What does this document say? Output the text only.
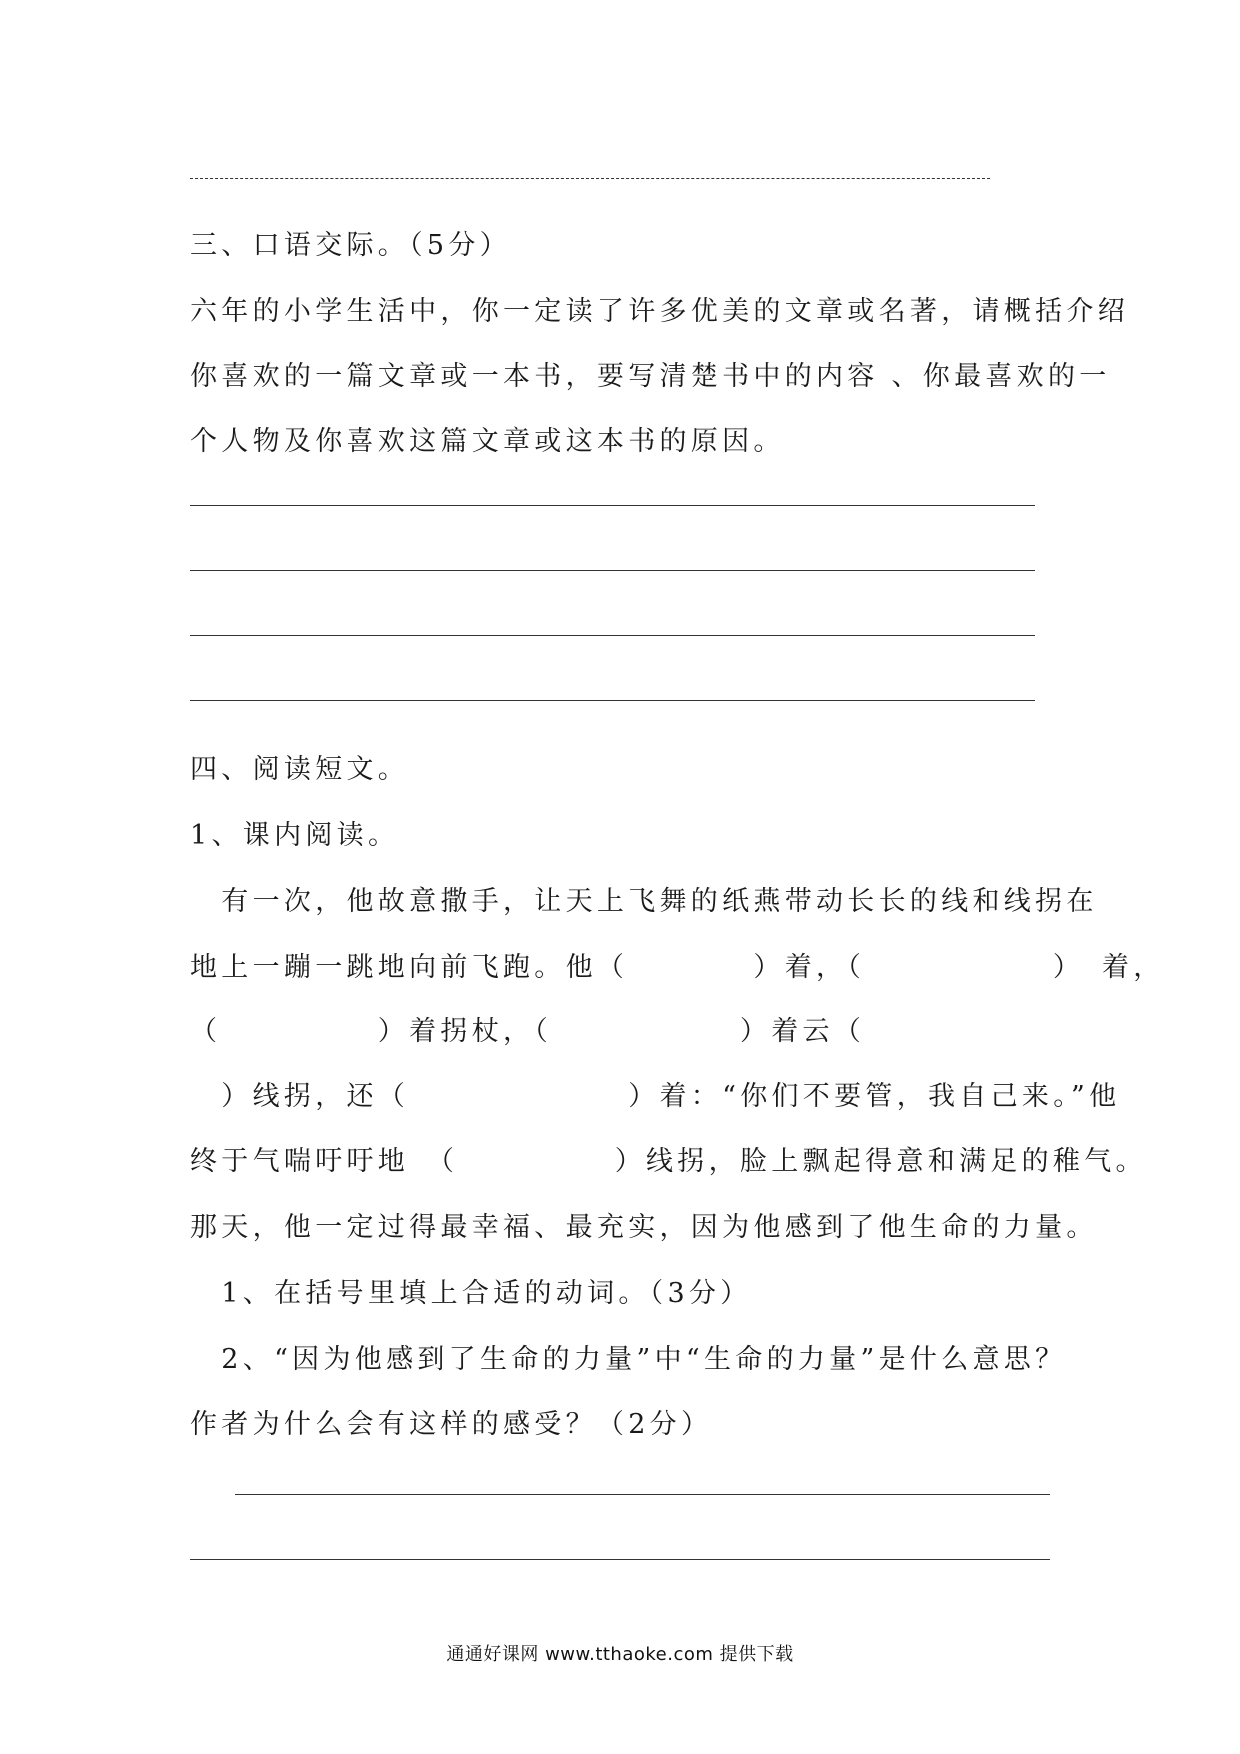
三、口语交际。（5分）
六年的小学生活中，你一定读了许多优美的文章或名著，请概括介绍
你喜欢的一篇文章或一本书，要写清楚书中的内容 、你最喜欢的一
个人物及你喜欢这篇文章或这本书的原因。
四、阅读短文。
1、课内阅读。
　有一次，他故意撒手，让天上飞舞的纸燕带动长长的线和线拐在
地上一蹦一跳地向前飞跑。他（　　　　）着，（　　　　　　）　着，
（　　　　　）着拐杖，（　　　　　　）着云（
　）线拐，还（　　　　　　　）着：“你们不要管，我自己来。”他
终于气喘吁吁地　（　　　　　）线拐，脸上飘起得意和满足的稚气。
那天，他一定过得最幸福、最充实，因为他感到了他生命的力量。
　1、在括号里填上合适的动词。（3分）
　2、“因为他感到了生命的力量”中“生命的力量”是什么意思？
作者为什么会有这样的感受？（2分）
通通好课网 www.tthaoke.com 提供下载
